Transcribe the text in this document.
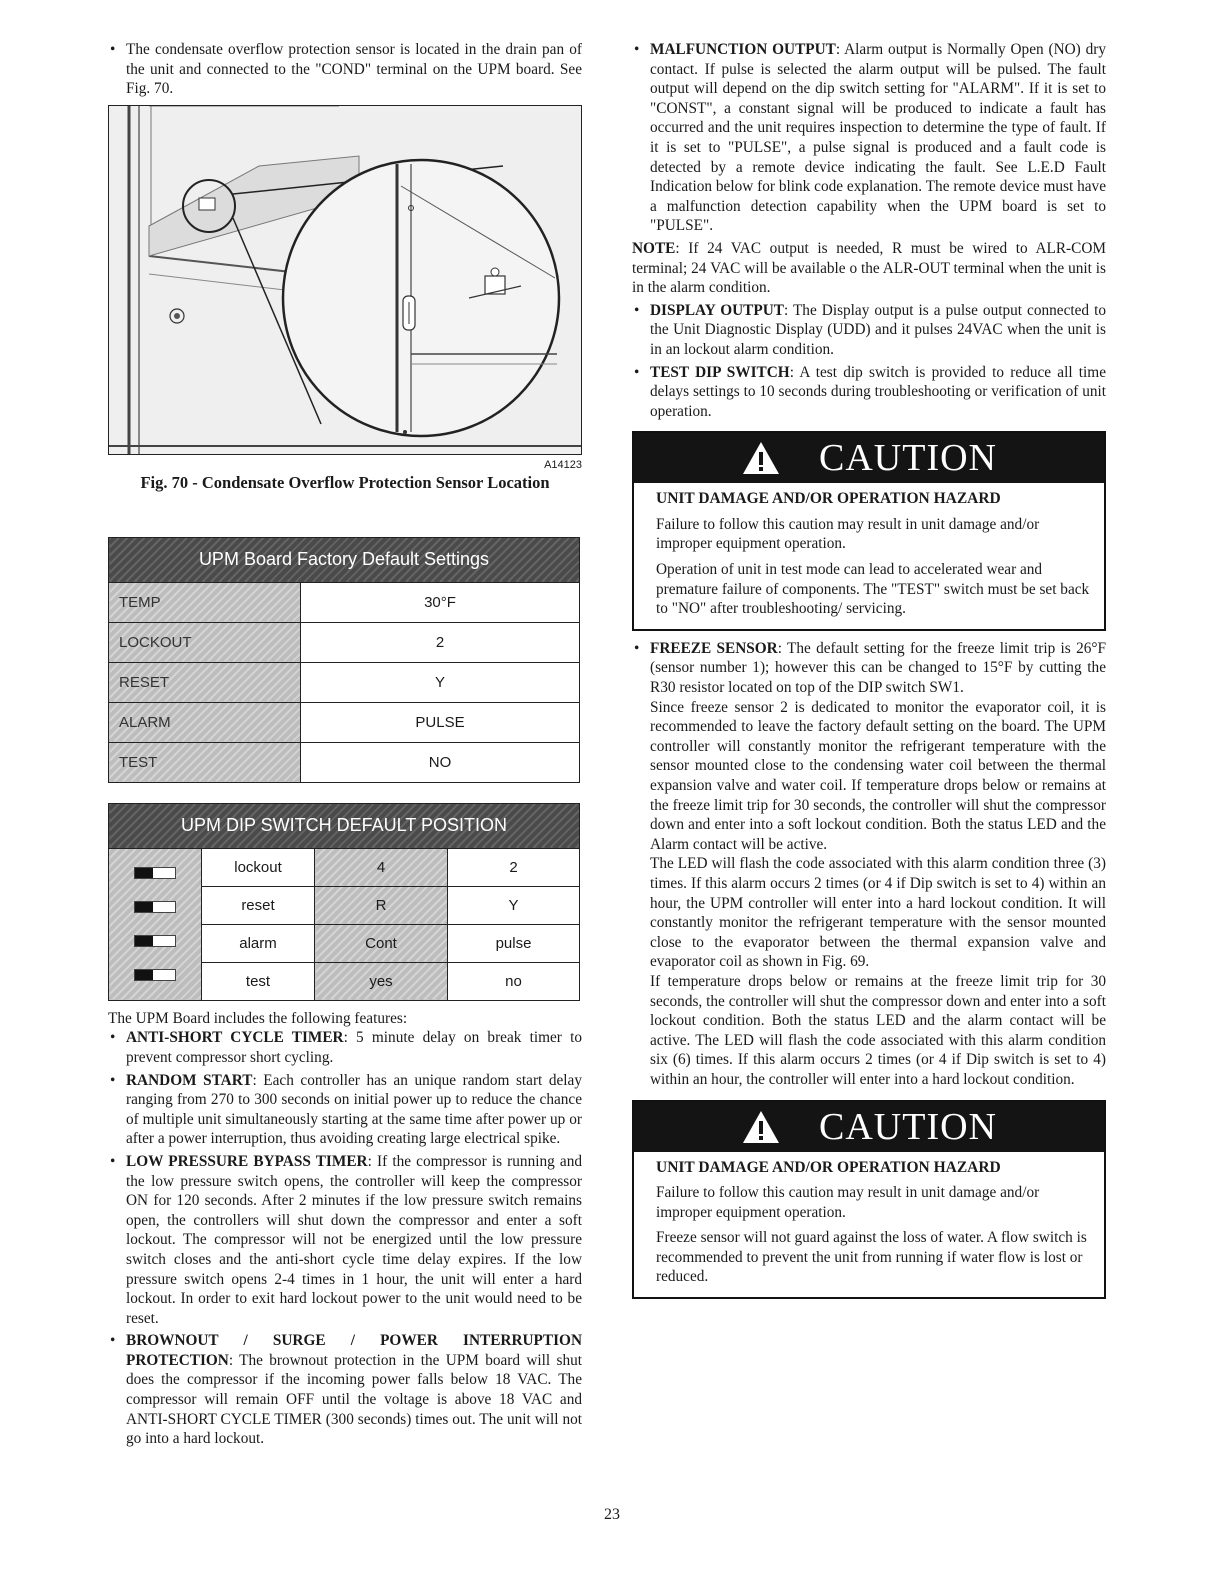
• The condensate overflow protection sensor is located in the drain pan of the unit and connected to the "COND" terminal on the UPM board. See Fig. 70.
A14123
Fig. 70 - Condensate Overflow Protection Sensor Location
UPM Board Factory Default Settings	

TEMP	30°F
LOCKOUT	2
RESET	Y
ALARM	PULSE
TEST	NO
UPM DIP SWITCH DEFAULT POSITION			

	lockout	4	2
	reset	R	Y
	alarm	Cont	pulse
	test	yes	no

The UPM Board includes the following features:

• ANTI-SHORT CYCLE TIMER: 5 minute delay on break timer to prevent compressor short cycling.
• RANDOM START: Each controller has an unique random start delay ranging from 270 to 300 seconds on initial power up to reduce the chance of multiple unit simultaneously starting at the same time after power up or after a power interruption, thus avoiding creating large electrical spike.
• LOW PRESSURE BYPASS TIMER: If the compressor is running and the low pressure switch opens, the controller will keep the compressor ON for 120 seconds. After 2 minutes if the low pressure switch remains open, the controllers will shut down the compressor and enter a soft lockout. The compressor will not be energized until the low pressure switch closes and the anti-short cycle time delay expires. If the low pressure switch opens 2-4 times in 1 hour, the unit will enter a hard lockout. In order to exit hard lockout power to the unit would need to be reset.
• BROWNOUT / SURGE / POWER INTERRUPTION PROTECTION: The brownout protection in the UPM board will shut does the compressor if the incoming power falls below 18 VAC. The compressor will remain OFF until the voltage is above 18 VAC and ANTI-SHORT CYCLE TIMER (300 seconds) times out. The unit will not go into a hard lockout.
• MALFUNCTION OUTPUT: Alarm output is Normally Open (NO) dry contact. If pulse is selected the alarm output will be pulsed. The fault output will depend on the dip switch setting for "ALARM". If it is set to "CONST", a constant signal will be produced to indicate a fault has occurred and the unit requires inspection to determine the type of fault. If it is set to "PULSE", a pulse signal is produced and a fault code is detected by a remote device indicating the fault. See L.E.D Fault Indication below for blink code explanation. The remote device must have a malfunction detection capability when the UPM board is set to "PULSE".

NOTE: If 24 VAC output is needed, R must be wired to ALR-COM terminal; 24 VAC will be available o the ALR-OUT terminal when the unit is in the alarm condition.

• DISPLAY OUTPUT: The Display output is a pulse output connected to the Unit Diagnostic Display (UDD) and it pulses 24VAC when the unit is in an lockout alarm condition.
• TEST DIP SWITCH: A test dip switch is provided to reduce all time delays settings to 10 seconds during troubleshooting or verification of unit operation.
CAUTION
UNIT DAMAGE AND/OR OPERATION HAZARD

Failure to follow this caution may result in unit damage and/or improper equipment operation.

Operation of unit in test mode can lead to accelerated wear and premature failure of components. The "TEST" switch must be set back to "NO" after troubleshooting/ servicing.

• FREEZE SENSOR: The default setting for the freeze limit trip is 26°F (sensor number 1); however this can be changed to 15°F by cutting the R30 resistor located on top of the DIP switch SW1.

Since freeze sensor 2 is dedicated to monitor the evaporator coil, it is recommended to leave the factory default setting on the board. The UPM controller will constantly monitor the refrigerant temperature with the sensor mounted close to the condensing water coil between the thermal expansion valve and water coil. If temperature drops below or remains at the freeze limit trip for 30 seconds, the controller will shut the compressor down and enter into a soft lockout condition. Both the status LED and the Alarm contact will be active.

The LED will flash the code associated with this alarm condition three (3) times. If this alarm occurs 2 times (or 4 if Dip switch is set to 4) within an hour, the UPM controller will enter into a hard lockout condition. It will constantly monitor the refrigerant temperature with the sensor mounted close to the evaporator between the thermal expansion valve and evaporator coil as shown in Fig. 69.

If temperature drops below or remains at the freeze limit trip for 30 seconds, the controller will shut the compressor down and enter into a soft lockout condition. Both the status LED and the alarm contact will be active. The LED will flash the code associated with this alarm condition six (6) times. If this alarm occurs 2 times (or 4 if Dip switch is set to 4) within an hour, the controller will enter into a hard lockout condition.

CAUTION
UNIT DAMAGE AND/OR OPERATION HAZARD

Failure to follow this caution may result in unit damage and/or improper equipment operation.

Freeze sensor will not guard against the loss of water. A flow switch is recommended to prevent the unit from running if water flow is lost or reduced.

23
